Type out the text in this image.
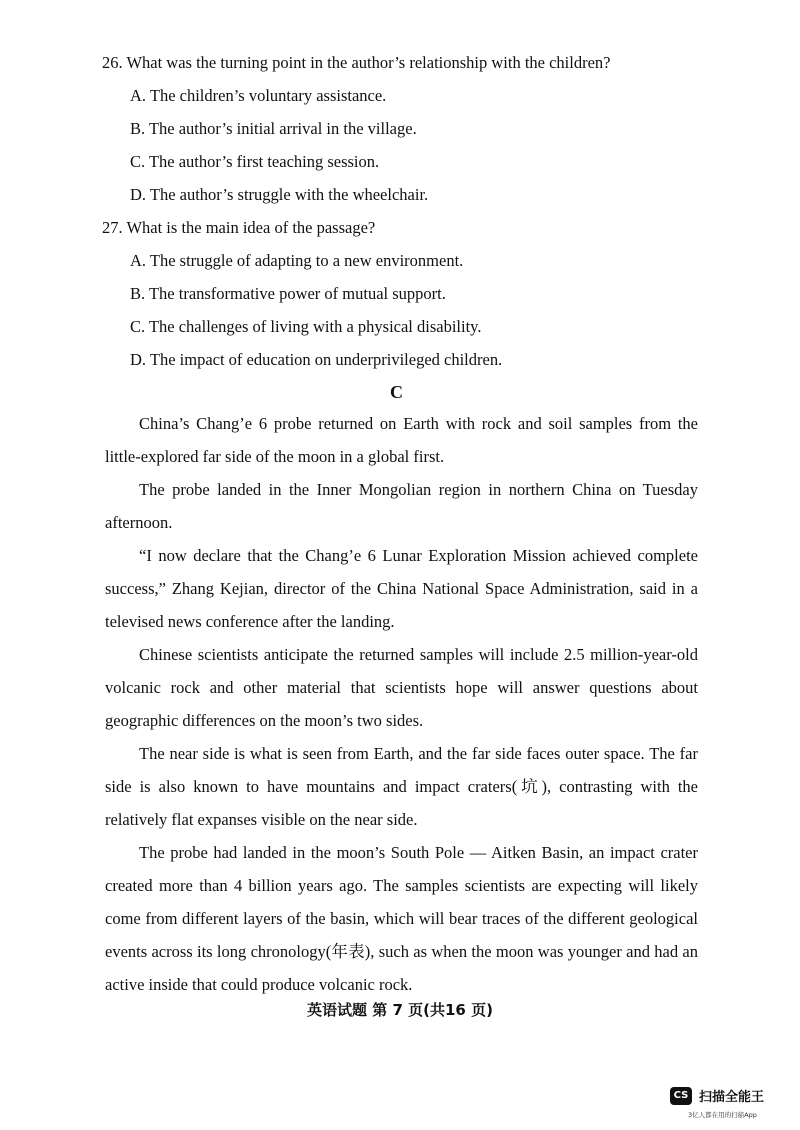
26. What was the turning point in the author’s relationship with the children?
A. The children’s voluntary assistance.
B. The author’s initial arrival in the village.
C. The author’s first teaching session.
D. The author’s struggle with the wheelchair.
27. What is the main idea of the passage?
A. The struggle of adapting to a new environment.
B. The transformative power of mutual support.
C. The challenges of living with a physical disability.
D. The impact of education on underprivileged children.
C

China’s Chang’e 6 probe returned on Earth with rock and soil samples from the little-explored far side of the moon in a global first.

The probe landed in the Inner Mongolian region in northern China on Tuesday afternoon.

“I now declare that the Chang’e 6 Lunar Exploration Mission achieved complete success,” Zhang Kejian, director of the China National Space Administration, said in a televised news conference after the landing.

Chinese scientists anticipate the returned samples will include 2.5 million-year-old volcanic rock and other material that scientists hope will answer questions about geographic differences on the moon’s two sides.

The near side is what is seen from Earth, and the far side faces outer space. The far side is also known to have mountains and impact craters(坑), contrasting with the relatively flat expanses visible on the near side.

The probe had landed in the moon’s South Pole — Aitken Basin, an impact crater created more than 4 billion years ago. The samples scientists are expecting will likely come from different layers of the basin, which will bear traces of the different geological events across its long chronology(年表), such as when the moon was younger and had an active inside that could produce volcanic rock.

英语试题 第 7 页(共16 页)
CS 扫描全能王
3亿人都在用的扫描App
